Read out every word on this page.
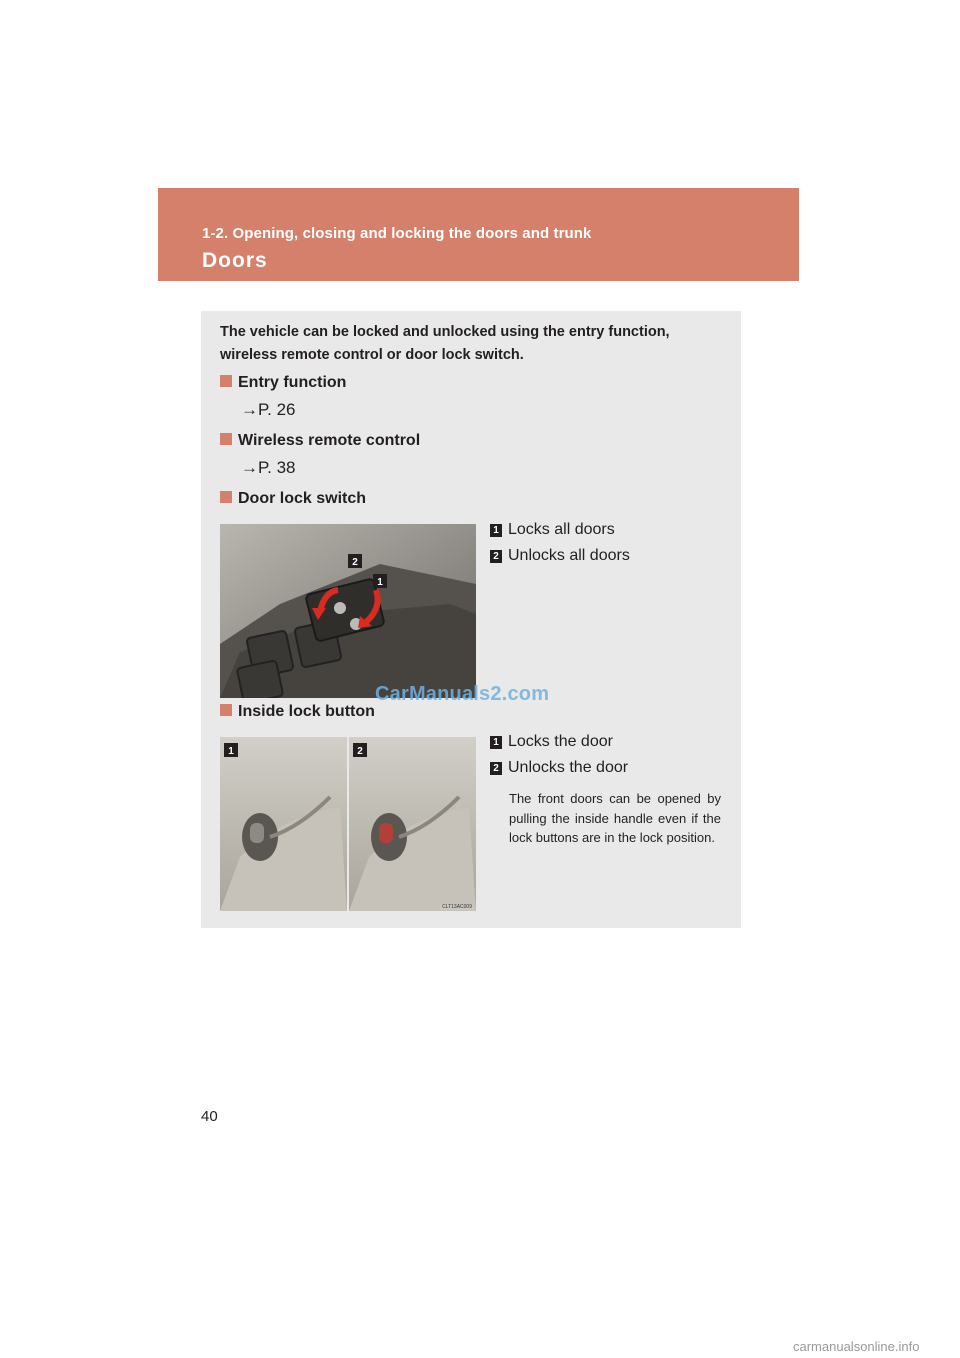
1-2. Opening, closing and locking the doors and trunk
Doors
The vehicle can be locked and unlocked using the entry function, wireless remote control or door lock switch.
Entry function
→P. 26
Wireless remote control
→P. 38
Door lock switch
2
1
1 Locks all doors
2 Unlocks all doors
Inside lock button
1	2
CLT13AC009
1 Locks the door
2 Unlocks the door
The front doors can be opened by pulling the inside handle even if the lock buttons are in the lock position.
CarManuals2.com
40
carmanualsonline.info
